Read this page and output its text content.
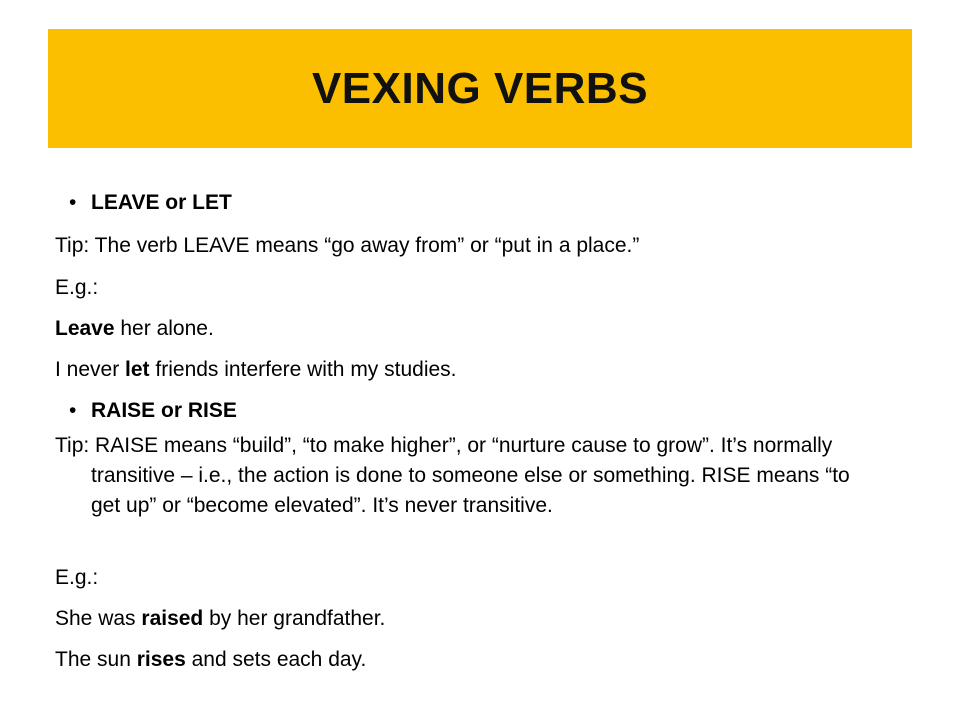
VEXING VERBS
• LEAVE or LET
Tip: The verb LEAVE means “go away from” or “put in a place.”
E.g.:
Leave her alone.
I never let friends interfere with my studies.
• RAISE or RISE
Tip: RAISE means “build”, “to make higher”, or “nurture cause to grow”. It’s normally transitive – i.e., the action is done to someone else or something. RISE means “to get up” or “become elevated”. It’s never transitive.
E.g.:
She was raised by her grandfather.
The sun rises and sets each day.
